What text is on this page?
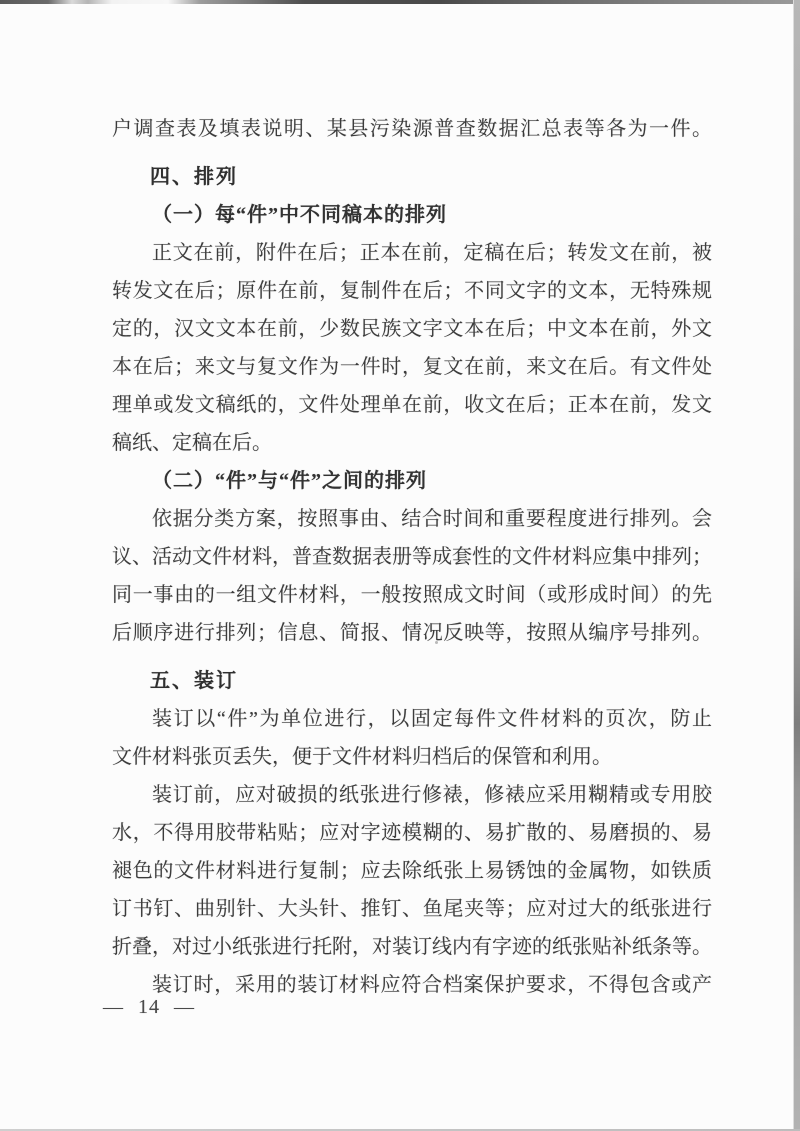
户调查表及填表说明、某县污染源普查数据汇总表等各为一件。
四、排列
（一）每“件”中不同稿本的排列
正文在前，附件在后；正本在前，定稿在后；转发文在前，被
转发文在后；原件在前，复制件在后；不同文字的文本，无特殊规
定的，汉文文本在前，少数民族文字文本在后；中文本在前，外文
本在后；来文与复文作为一件时，复文在前，来文在后。有文件处
理单或发文稿纸的，文件处理单在前，收文在后；正本在前，发文
稿纸、定稿在后。
（二）“件”与“件”之间的排列
依据分类方案，按照事由、结合时间和重要程度进行排列。会
议、活动文件材料，普查数据表册等成套性的文件材料应集中排列；
同一事由的一组文件材料，一般按照成文时间（或形成时间）的先
后顺序进行排列；信息、简报、情况反映等，按照从编序号排列。
五、装订
装订以“件”为单位进行，以固定每件文件材料的页次，防止
文件材料张页丢失，便于文件材料归档后的保管和利用。
装订前，应对破损的纸张进行修裱，修裱应采用糊精或专用胶
水，不得用胶带粘贴；应对字迹模糊的、易扩散的、易磨损的、易
褪色的文件材料进行复制；应去除纸张上易锈蚀的金属物，如铁质
订书钉、曲别针、大头针、推钉、鱼尾夹等；应对过大的纸张进行
折叠，对过小纸张进行托附，对装订线内有字迹的纸张贴补纸条等。
装订时，采用的装订材料应符合档案保护要求，不得包含或产
— 14 —
